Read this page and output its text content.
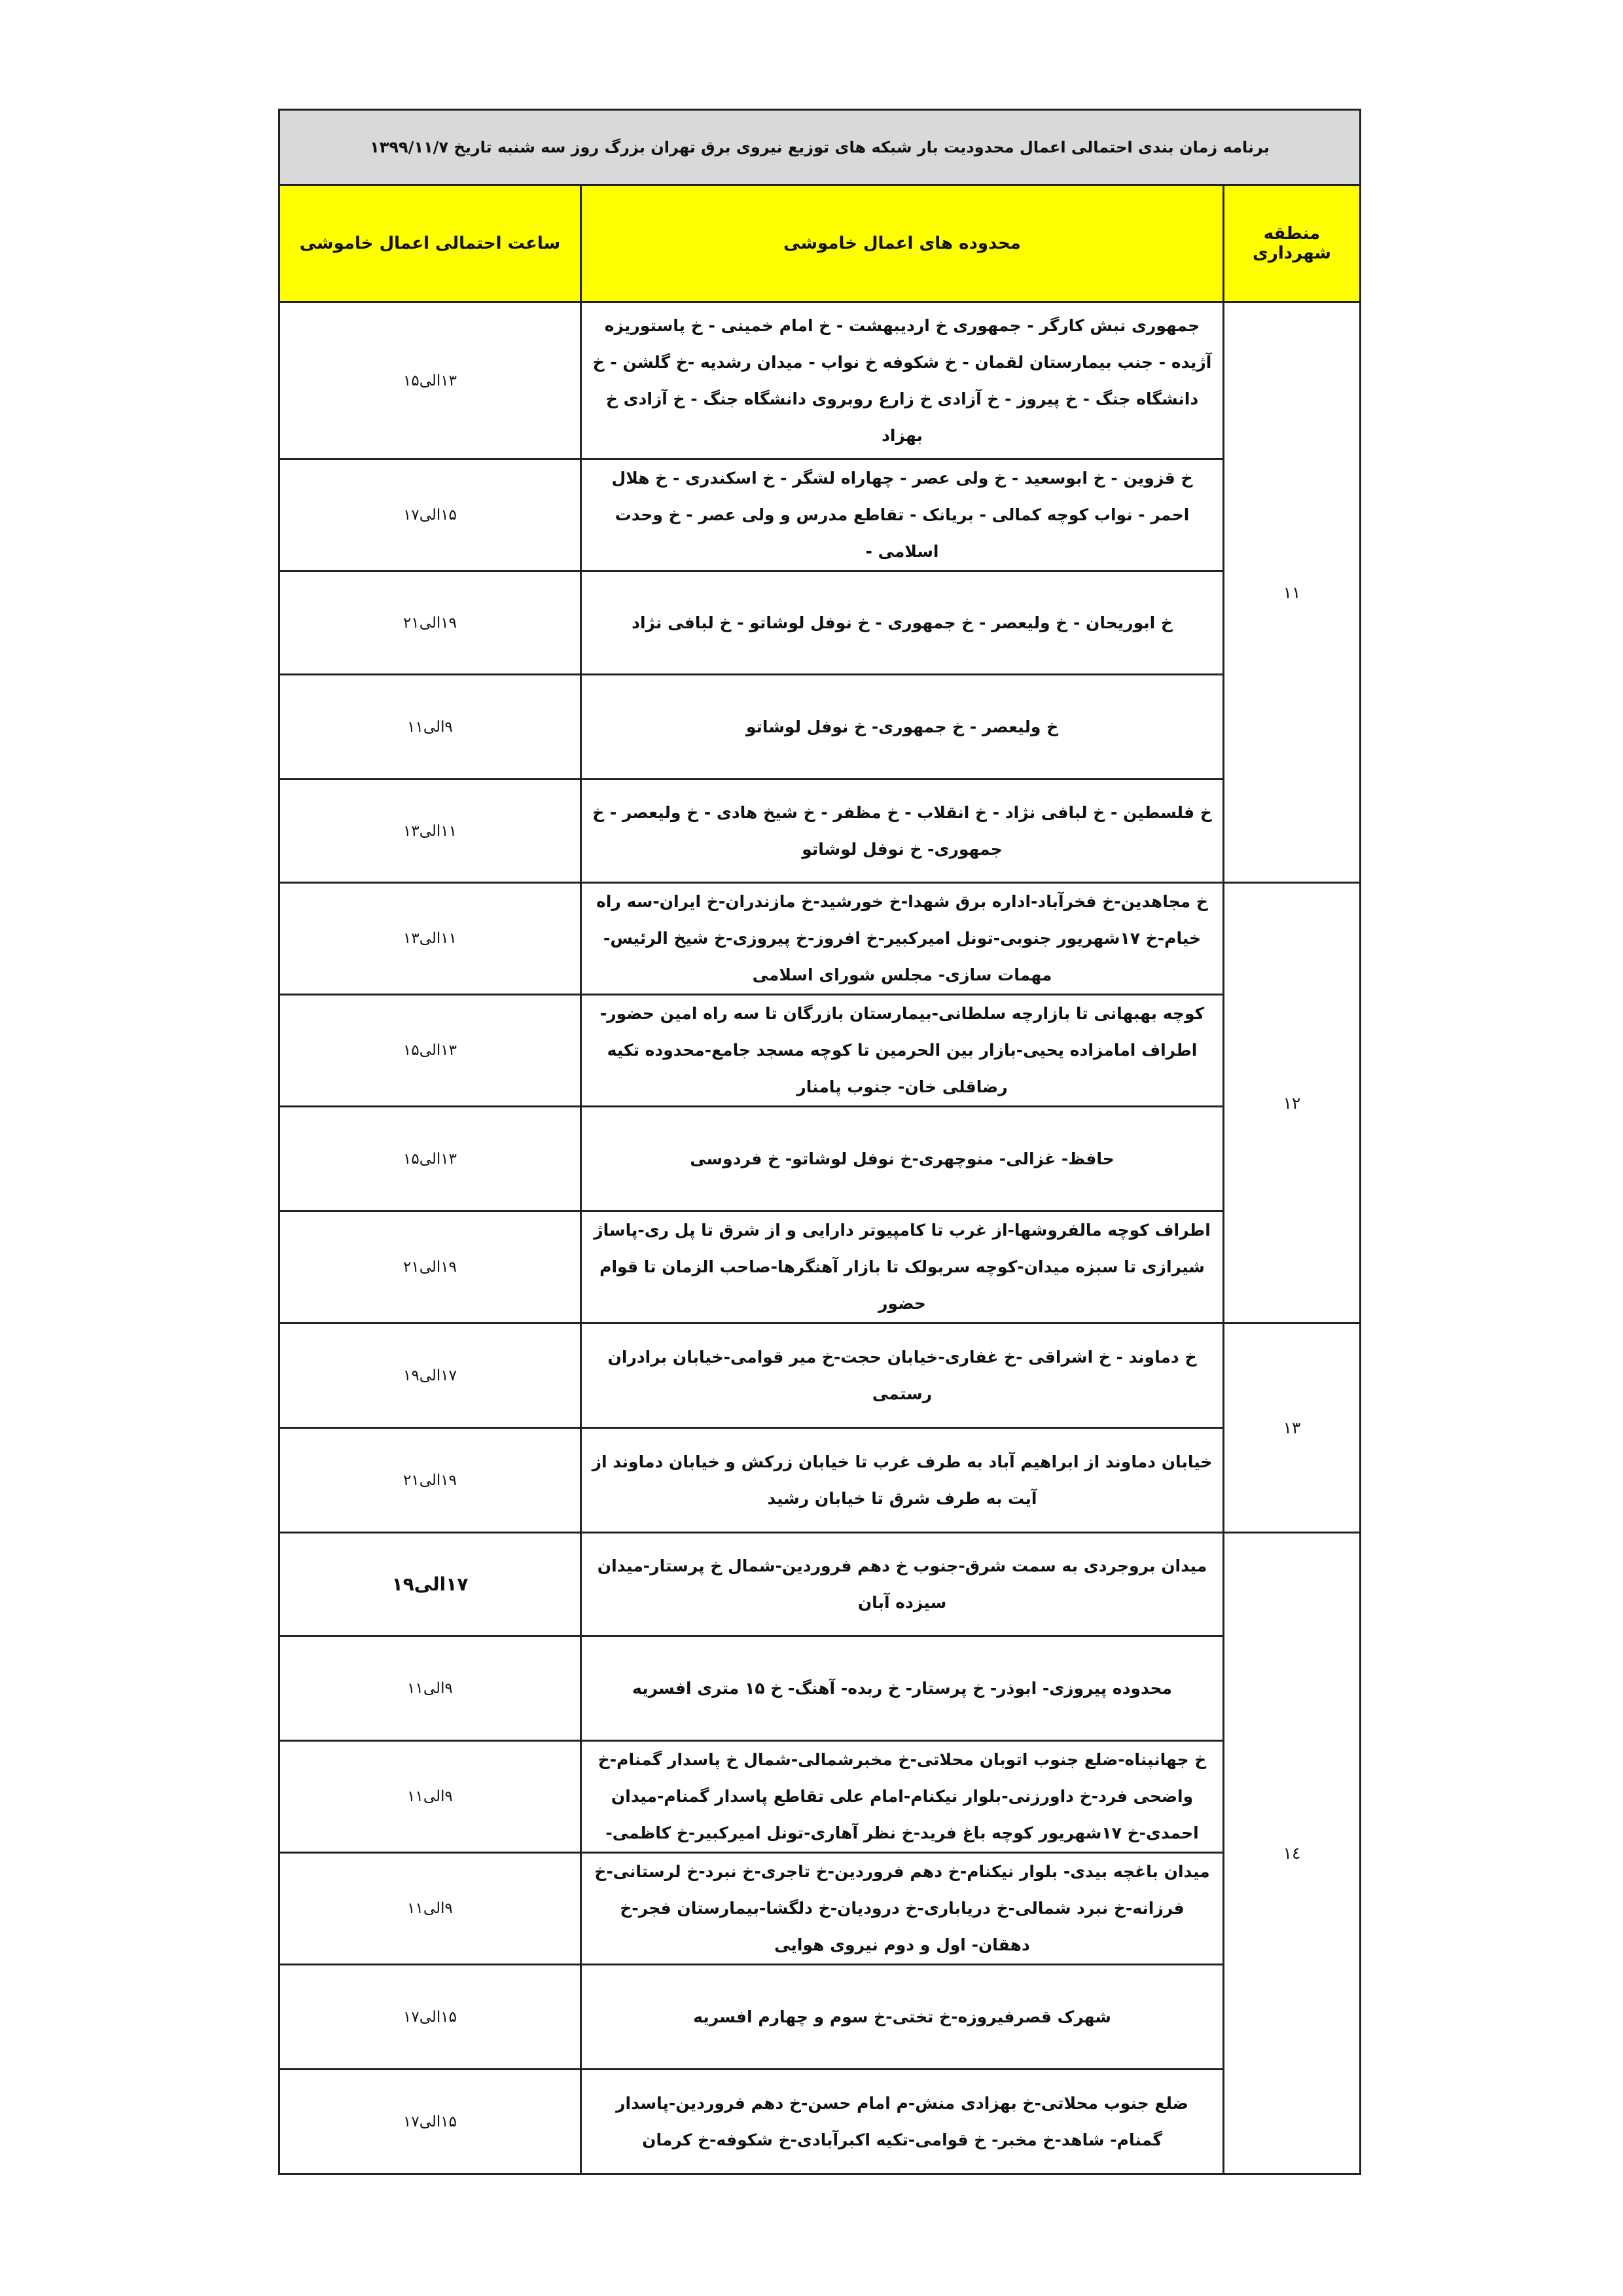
برنامه زمان بندی احتمالی اعمال محدودیت بار شبکه های توزیع نیروی برق تهران بزرگ روز سه شنبه تاریخ ۱۳۹۹/۱۱/۷		
منطقه شهرداری	محدوده های اعمال خاموشی	ساعت احتمالی اعمال خاموشی
۱۱	جمهوری نبش کارگر - جمهوری خ اردیبهشت - خ امام خمینی - خ پاستوریزه آژیده - جنب بیمارستان لقمان - خ شکوفه خ نواب - میدان رشدیه -خ گلشن - خ دانشگاه جنگ - خ پیروز - خ آزادی خ زارع روبروی دانشگاه جنگ - خ آزادی خ بهزاد	۱۳الی۱۵
	خ قزوین - خ ابوسعید - خ ولی عصر - چهاراه لشگر - خ اسکندری - خ هلال احمر - نواب کوچه کمالی - بریانک - تقاطع مدرس و ولی عصر - خ وحدت اسلامی -	۱۵الی۱۷
	خ ابوریحان - خ ولیعصر - خ جمهوری - خ نوفل لوشاتو - خ لبافی نژاد	۱۹الی۲۱
	خ ولیعصر - خ جمهوری- خ نوفل لوشاتو	۹الی۱۱
	خ فلسطین - خ لبافی نژاد - خ انقلاب - خ مظفر - خ شیخ هادی - خ ولیعصر - خ جمهوری- خ نوفل لوشاتو	۱۱الی۱۳
۱۲	خ مجاهدین-خ فخرآباد-اداره برق شهدا-خ خورشید-خ مازندران-خ ایران-سه راه خیام-خ ۱۷شهریور جنوبی-تونل امیرکبیر-خ افروز-خ پیروزی-خ شیخ الرئیس-مهمات سازی- مجلس شورای اسلامی	۱۱الی۱۳
	کوچه بهبهانی تا بازارچه سلطانی-بیمارستان بازرگان تا سه راه امین حضور-اطراف امامزاده یحیی-بازار بین الحرمین تا کوچه مسجد جامع-محدوده تکیه رضاقلی خان- جنوب پامنار	۱۳الی۱۵
	حافظ- غزالی- منوچهری-خ نوفل لوشاتو- خ فردوسی	۱۳الی۱۵
	اطراف کوچه مالفروشها-از غرب تا کامپیوتر دارایی و از شرق تا پل ری-پاساژ شیرازی تا سبزه میدان-کوچه سربولک تا بازار آهنگرها-صاحب الزمان تا قوام حضور	۱۹الی۲۱
۱۳	خ دماوند - خ اشراقی -خ غفاری-خیابان حجت-خ میر قوامی-خیابان برادران رستمی	۱۷الی۱۹
	خیابان دماوند از ابراهیم آباد به طرف غرب تا خیابان زرکش و خیابان دماوند از آیت به طرف شرق تا خیابان رشید	۱۹الی۲۱
۱٤	میدان بروجردی به سمت شرق-جنوب خ دهم فروردین-شمال خ پرستار-میدان سیزده آبان	۱۷الی۱۹
	محدوده پیروزی- ابوذر- خ پرستار- خ ربده- آهنگ- خ ۱۵ متری افسریه	۹الی۱۱
	خ جهانپناه-ضلع جنوب اتوبان محلاتی-خ مخبرشمالی-شمال خ پاسدار گمنام-خ واضحی فرد-خ داورزنی-بلوار نیکنام-امام علی تقاطع پاسدار گمنام-میدان احمدی-خ ۱۷شهریور کوچه باغ فرید-خ نظر آهاری-تونل امیرکبیر-خ کاظمی-	۹الی۱۱
	میدان باغچه بیدی- بلوار نیکنام-خ دهم فروردین-خ تاجری-خ نبرد-خ لرستانی-خ فرزانه-خ نبرد شمالی-خ دریاباری-خ درودیان-خ دلگشا-بیمارستان فجر-خ دهقان- اول و دوم نیروی هوایی	۹الی۱۱
	شهرک قصرفیروزه-خ تختی-خ سوم و چهارم افسریه	۱۵الی۱۷
	ضلع جنوب محلاتی-خ بهزادی منش-م امام حسن-خ دهم فروردین-پاسدار گمنام- شاهد-خ مخبر- خ قوامی-تکیه اکبرآبادی-خ شکوفه-خ کرمان	۱۵الی۱۷
